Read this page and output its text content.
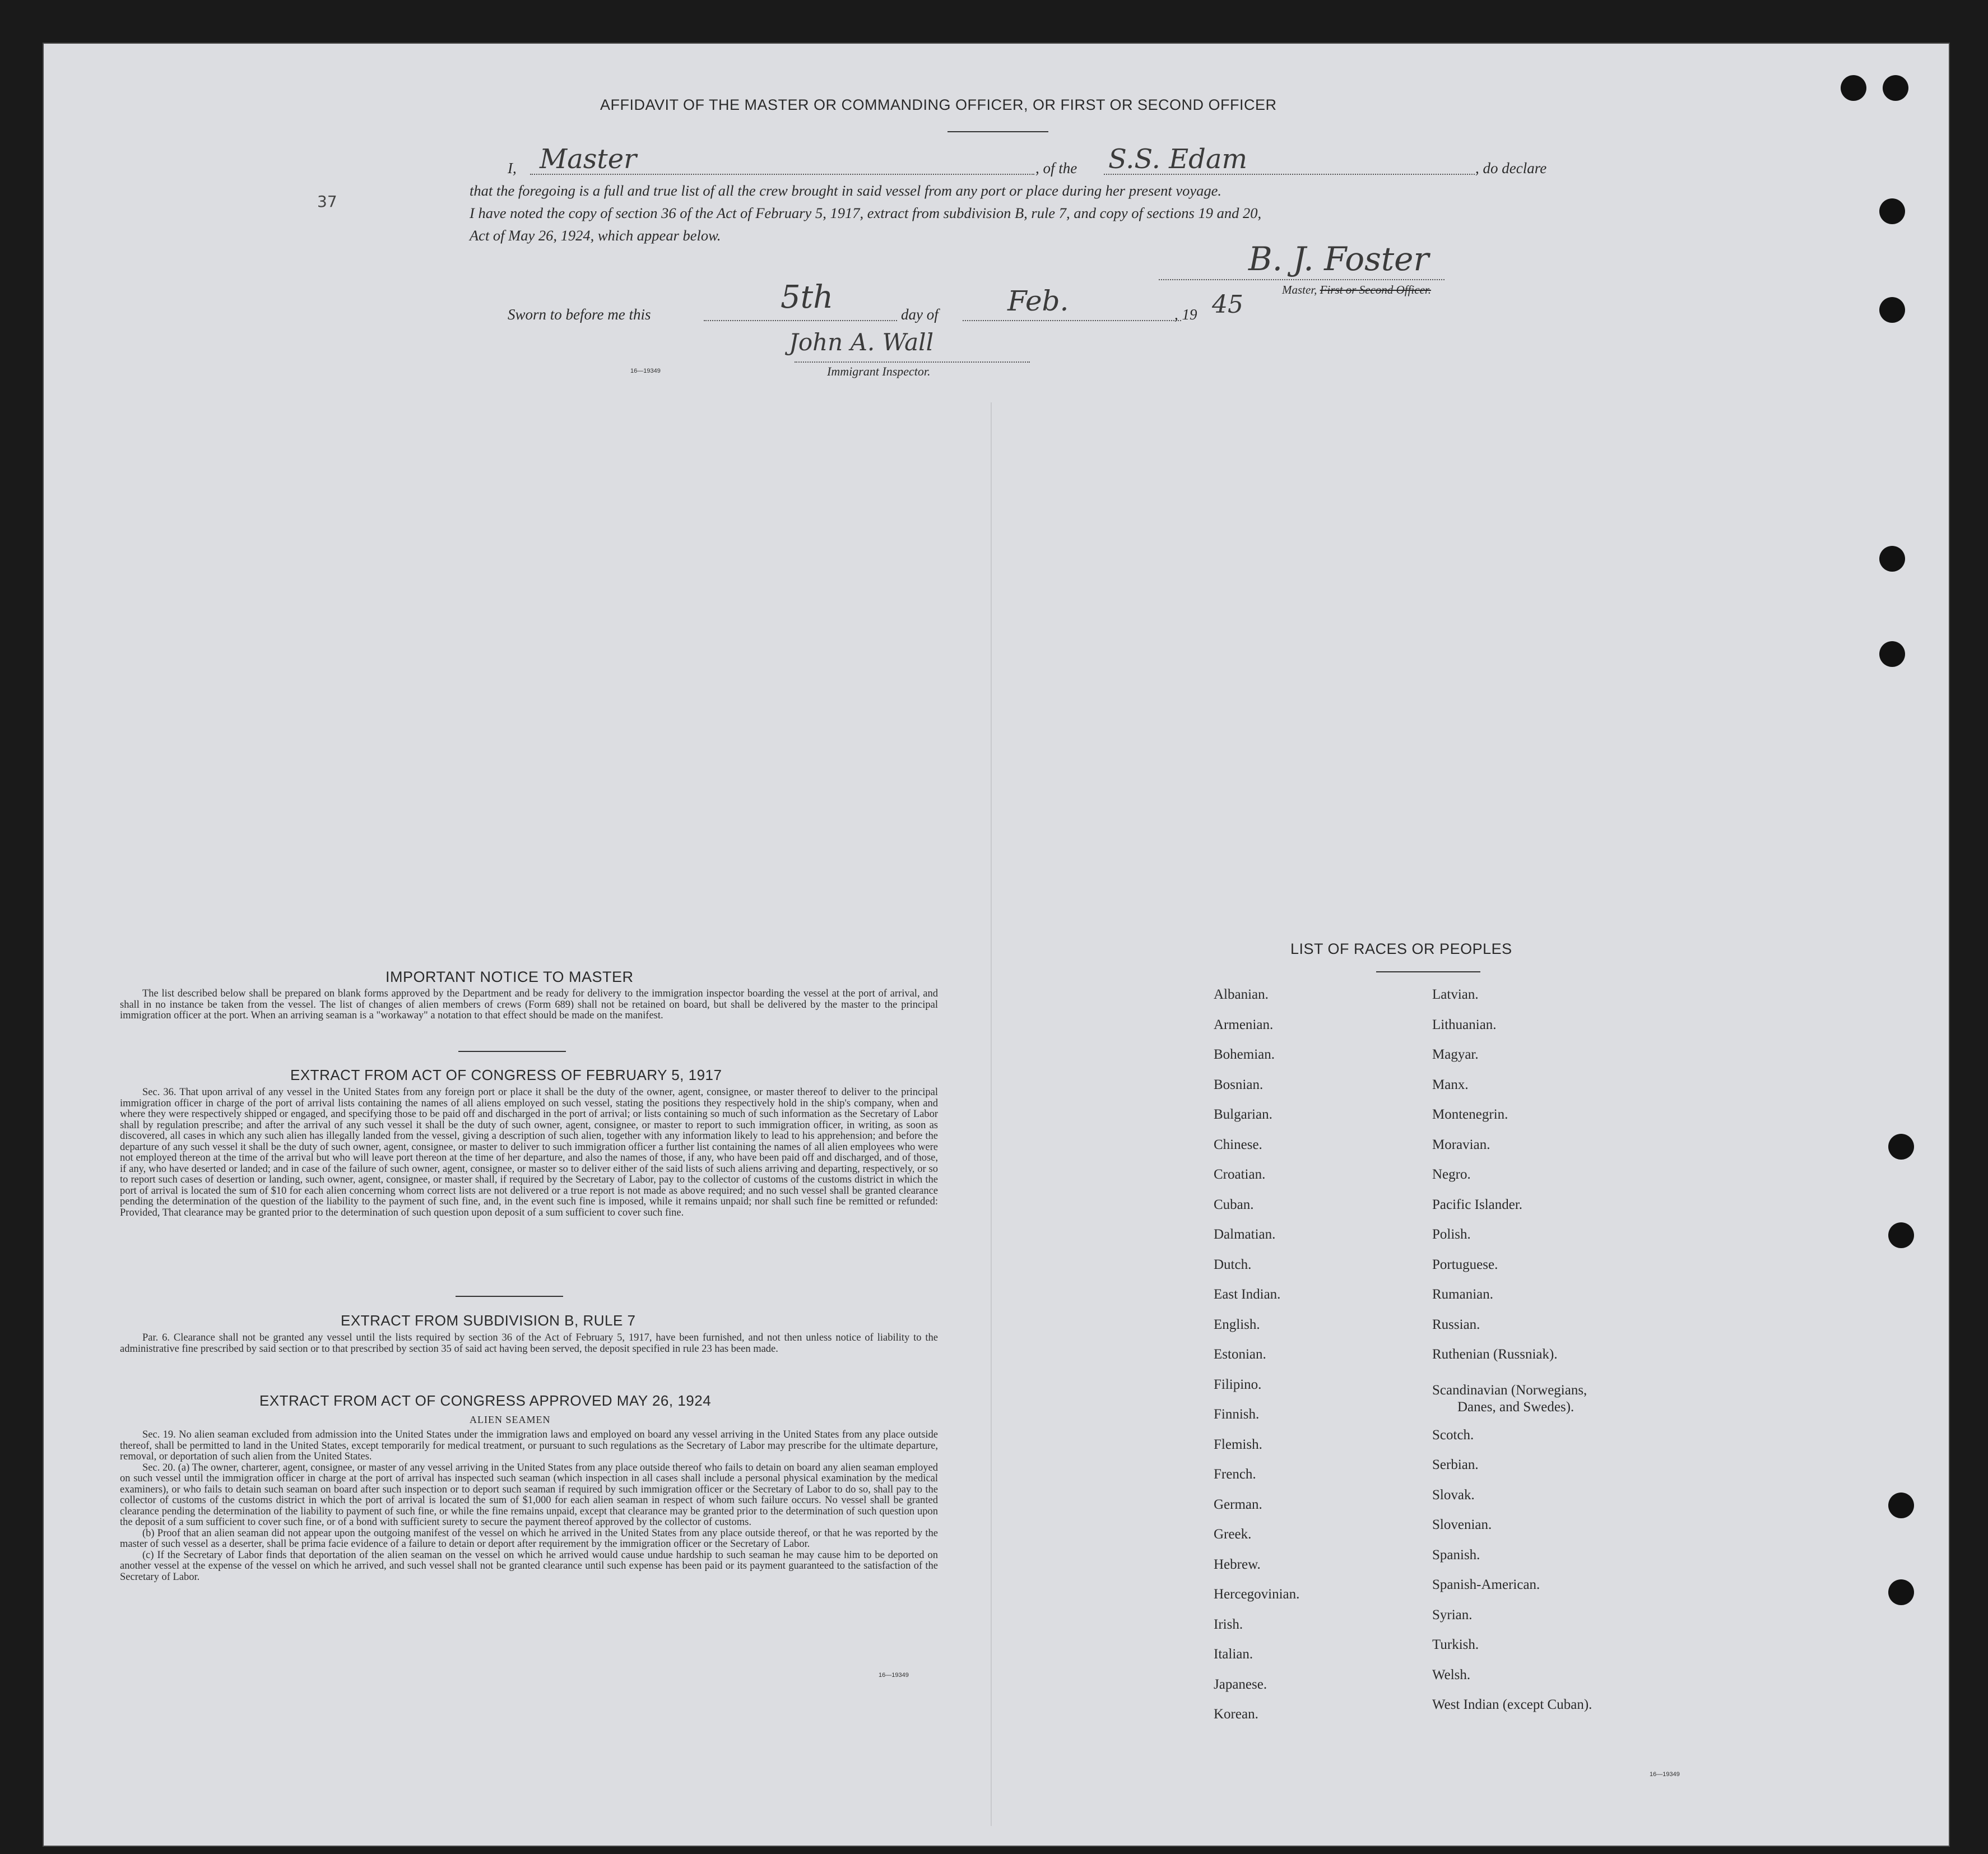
AFFIDAVIT OF THE MASTER OR COMMANDING OFFICER, OR FIRST OR SECOND OFFICER
37
I, Master	, of the S.S. Edam	, do declare
that the foregoing is a full and true list of all the crew brought in said vessel from any port or place during her present voyage.
I have noted the copy of section 36 of the Act of February 5, 1917, extract from subdivision B, rule 7, and copy of sections 19 and 20,
Act of May 26, 1924, which appear below.
B. J. Foster
Master, First or Second Officer.
Sworn to before me this	5th	day of Feb.	, 19 45
John A. Wall
Immigrant Inspector.
16—19349
IMPORTANT NOTICE TO MASTER

The list described below shall be prepared on blank forms approved by the Department and be ready for delivery to the immigration inspector boarding the vessel at the port of arrival, and shall in no instance be taken from the vessel. The list of changes of alien members of crews (Form 689) shall not be retained on board, but shall be delivered by the master to the principal immigration officer at the port. When an arriving seaman is a "workaway" a notation to that effect should be made on the manifest.

EXTRACT FROM ACT OF CONGRESS OF FEBRUARY 5, 1917

Sec. 36. That upon arrival of any vessel in the United States from any foreign port or place it shall be the duty of the owner, agent, consignee, or master thereof to deliver to the principal immigration officer in charge of the port of arrival lists containing the names of all aliens employed on such vessel, stating the positions they respectively hold in the ship's company, when and where they were respectively shipped or engaged, and specifying those to be paid off and discharged in the port of arrival; or lists containing so much of such information as the Secretary of Labor shall by regulation prescribe; and after the arrival of any such vessel it shall be the duty of such owner, agent, consignee, or master to report to such immigration officer, in writing, as soon as discovered, all cases in which any such alien has illegally landed from the vessel, giving a description of such alien, together with any information likely to lead to his apprehension; and before the departure of any such vessel it shall be the duty of such owner, agent, consignee, or master to deliver to such immigration officer a further list containing the names of all alien employees who were not employed thereon at the time of the arrival but who will leave port thereon at the time of her departure, and also the names of those, if any, who have been paid off and discharged, and of those, if any, who have deserted or landed; and in case of the failure of such owner, agent, consignee, or master so to deliver either of the said lists of such aliens arriving and departing, respectively, or so to report such cases of desertion or landing, such owner, agent, consignee, or master shall, if required by the Secretary of Labor, pay to the collector of customs of the customs district in which the port of arrival is located the sum of $10 for each alien concerning whom correct lists are not delivered or a true report is not made as above required; and no such vessel shall be granted clearance pending the determination of the question of the liability to the payment of such fine, and, in the event such fine is imposed, while it remains unpaid; nor shall such fine be remitted or refunded: Provided, That clearance may be granted prior to the determination of such question upon deposit of a sum sufficient to cover such fine.

EXTRACT FROM SUBDIVISION B, RULE 7

Par. 6. Clearance shall not be granted any vessel until the lists required by section 36 of the Act of February 5, 1917, have been furnished, and not then unless notice of liability to the administrative fine prescribed by said section or to that prescribed by section 35 of said act having been served, the deposit specified in rule 23 has been made.

EXTRACT FROM ACT OF CONGRESS APPROVED MAY 26, 1924
ALIEN SEAMEN

Sec. 19. No alien seaman excluded from admission into the United States under the immigration laws and employed on board any vessel arriving in the United States from any place outside thereof, shall be permitted to land in the United States, except temporarily for medical treatment, or pursuant to such regulations as the Secretary of Labor may prescribe for the ultimate departure, removal, or deportation of such alien from the United States.

Sec. 20. (a) The owner, charterer, agent, consignee, or master of any vessel arriving in the United States from any place outside thereof who fails to detain on board any alien seaman employed on such vessel until the immigration officer in charge at the port of arrival has inspected such seaman (which inspection in all cases shall include a personal physical examination by the medical examiners), or who fails to detain such seaman on board after such inspection or to deport such seaman if required by such immigration officer or the Secretary of Labor to do so, shall pay to the collector of customs of the customs district in which the port of arrival is located the sum of $1,000 for each alien seaman in respect of whom such failure occurs. No vessel shall be granted clearance pending the determination of the liability to payment of such fine, or while the fine remains unpaid, except that clearance may be granted prior to the determination of such question upon the deposit of a sum sufficient to cover such fine, or of a bond with sufficient surety to secure the payment thereof approved by the collector of customs.

(b) Proof that an alien seaman did not appear upon the outgoing manifest of the vessel on which he arrived in the United States from any place outside thereof, or that he was reported by the master of such vessel as a deserter, shall be prima facie evidence of a failure to detain or deport after requirement by the immigration officer or the Secretary of Labor.

(c) If the Secretary of Labor finds that deportation of the alien seaman on the vessel on which he arrived would cause undue hardship to such seaman he may cause him to be deported on another vessel at the expense of the vessel on which he arrived, and such vessel shall not be granted clearance until such expense has been paid or its payment guaranteed to the satisfaction of the Secretary of Labor.

16—19349
LIST OF RACES OR PEOPLES
Albanian.
Armenian.
Bohemian.
Bosnian.
Bulgarian.
Chinese.
Croatian.
Cuban.
Dalmatian.
Dutch.
East Indian.
English.
Estonian.
Filipino.
Finnish.
Flemish.
French.
German.
Greek.
Hebrew.
Hercegovinian.
Irish.
Italian.
Japanese.
Korean.
Latvian.
Lithuanian.
Magyar.
Manx.
Montenegrin.
Moravian.
Negro.
Pacific Islander.
Polish.
Portuguese.
Rumanian.
Russian.
Ruthenian (Russniak).
Scandinavian (Norwegians,
Danes, and Swedes).
Scotch.
Serbian.
Slovak.
Slovenian.
Spanish.
Spanish-American.
Syrian.
Turkish.
Welsh.
West Indian (except Cuban).
16—19349
